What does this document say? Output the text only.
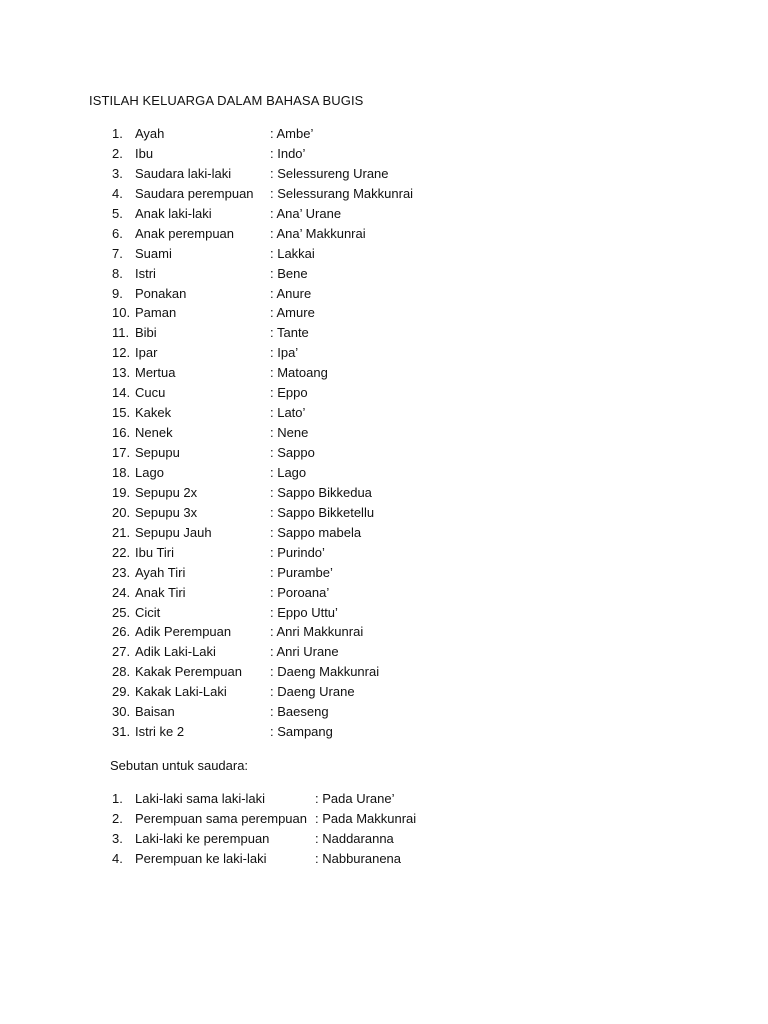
ISTILAH KELUARGA DALAM BAHASA BUGIS
1. Ayah	: Ambe’
2. Ibu	: Indo’
3. Saudara laki-laki	: Selessureng Urane
4. Saudara perempuan : Selessurang Makkunrai
5. Anak laki-laki	: Ana’ Urane
6. Anak perempuan	: Ana’ Makkunrai
7. Suami	: Lakkai
8. Istri	: Bene
9. Ponakan	: Anure
10. Paman	: Amure
11. Bibi	: Tante
12. Ipar	: Ipa’
13. Mertua	: Matoang
14. Cucu	: Eppo
15. Kakek	: Lato’
16. Nenek	: Nene
17. Sepupu	: Sappo
18. Lago	: Lago
19. Sepupu 2x	: Sappo Bikkedua
20. Sepupu 3x	: Sappo Bikketellu
21. Sepupu Jauh	: Sappo mabela
22. Ibu Tiri	: Purindo’
23. Ayah Tiri	: Purambe’
24. Anak Tiri	: Poroana’
25. Cicit	: Eppo Uttu’
26. Adik Perempuan	: Anri Makkunrai
27. Adik Laki-Laki	: Anri Urane
28. Kakak Perempuan : Daeng Makkunrai
29. Kakak Laki-Laki	: Daeng Urane
30. Baisan	: Baeseng
31. Istri ke 2	: Sampang
Sebutan untuk saudara:
1. Laki-laki sama laki-laki	: Pada Urane’
2. Perempuan sama perempuan : Pada Makkunrai
3. Laki-laki ke perempuan	: Naddaranna
4. Perempuan ke laki-laki	: Nabburanena
